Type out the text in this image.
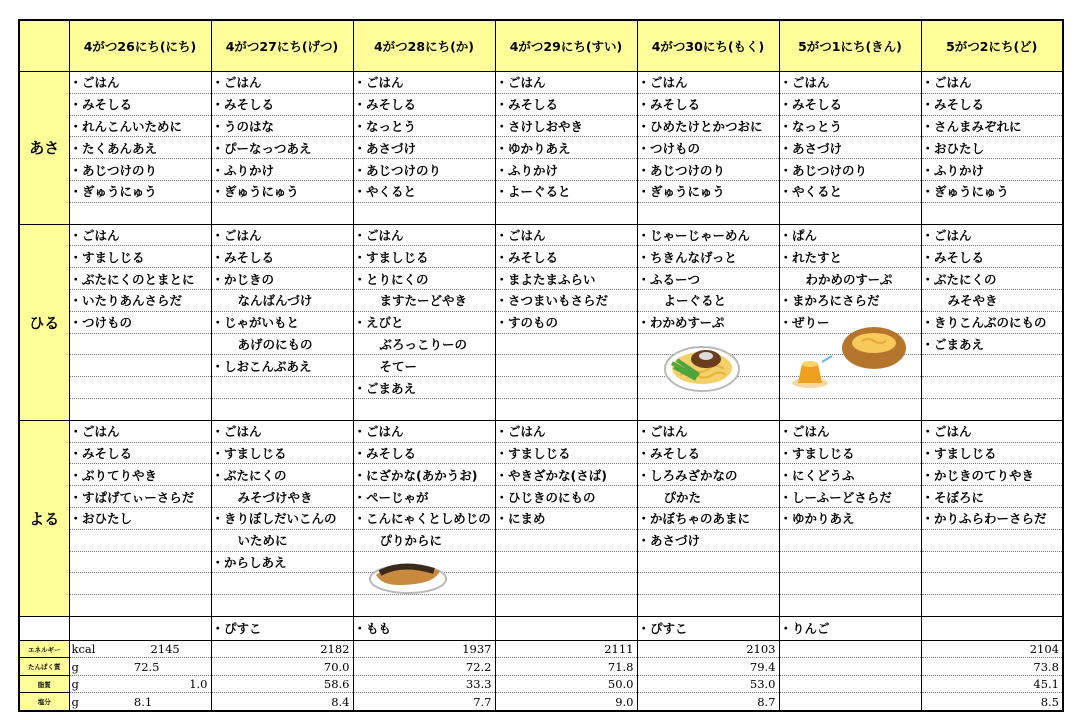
	4がつ26にち(にち)	4がつ27にち(げつ)	4がつ28にち(か)	4がつ29にち(すい)	4がつ30にち(もく)	5がつ1にち(きん)	5がつ2にち(ど)
あさ	・ごはん	・ごはん	・ごはん	・ごはん	・ごはん	・ごはん	・ごはん
	・みそしる	・みそしる	・みそしる	・みそしる	・みそしる	・みそしる	・みそしる
	・れんこんいために	・うのはな	・なっとう	・さけしおやき	・ひめたけとかつおに	・なっとう	・さんまみぞれに
	・たくあんあえ	・ぴーなっつあえ	・あさづけ	・ゆかりあえ	・つけもの	・あさづけ	・おひたし
	・あじつけのり	・ふりかけ	・あじつけのり	・ふりかけ	・あじつけのり	・あじつけのり	・ふりかけ
	・ぎゅうにゅう	・ぎゅうにゅう	・やくると	・よーぐると	・ぎゅうにゅう	・やくると	・ぎゅうにゅう

ひる	・ごはん	・ごはん	・ごはん	・ごはん	・じゃーじゃーめん	・ぱん	・ごはん
	・すましじる	・みそしる	・すましじる	・みそしる	・ちきんなげっと	・れたすと	・みそしる
	・ぶたにくのとまとに	・かじきの	・とりにくの	・まよたまふらい	・ふるーつ	わかめのすーぷ	・ぶたにくの
	・いたりあんさらだ	なんばんづけ	ますたーどやき	・さつまいもさらだ	よーぐると	・まかろにさらだ	みそやき
	・つけもの	・じゃがいもと	・えびと	・すのもの	・わかめすーぷ	・ぜりー	・きりこんぶのにもの
		あげのにもの	ぶろっこりーの				・ごまあえ
		・しおこんぶあえ	そてー				
			・ごまあえ				

よる	・ごはん	・ごはん	・ごはん	・ごはん	・ごはん	・ごはん	・ごはん
	・みそしる	・すましじる	・みそしる	・すましじる	・みそしる	・すましじる	・すましじる
	・ぶりてりやき	・ぶたにくの	・にざかな(あかうお)	・やきざかな(さば)	・しろみざかなの	・にくどうふ	・かじきのてりやき
	・すぱげてぃーさらだ	みそづけやき	・ぺーじゃが	・ひじきのにもの	ぴかた	・しーふーどさらだ	・そぼろに
	・おひたし	・きりぼしだいこんの	・こんにゃくとしめじの	・にまめ	・かぼちゃのあまに	・ゆかりあえ	・かりふらわーさらだ
		いために	ぴりからに		・あさづけ		
		・からしあえ					

		・ぴすこ	・もも		・ぴすこ	・りんご	
エネルギー	kcal 2145	2182	1937	2111	2103		2104

たんぱく質	g 72.5	70.0	72.2	71.8	79.4		73.8

脂質	g 1.0	58.6	33.3	50.0	53.0		45.1

塩分	g 8.1	8.4	7.7	9.0	8.7		8.5
